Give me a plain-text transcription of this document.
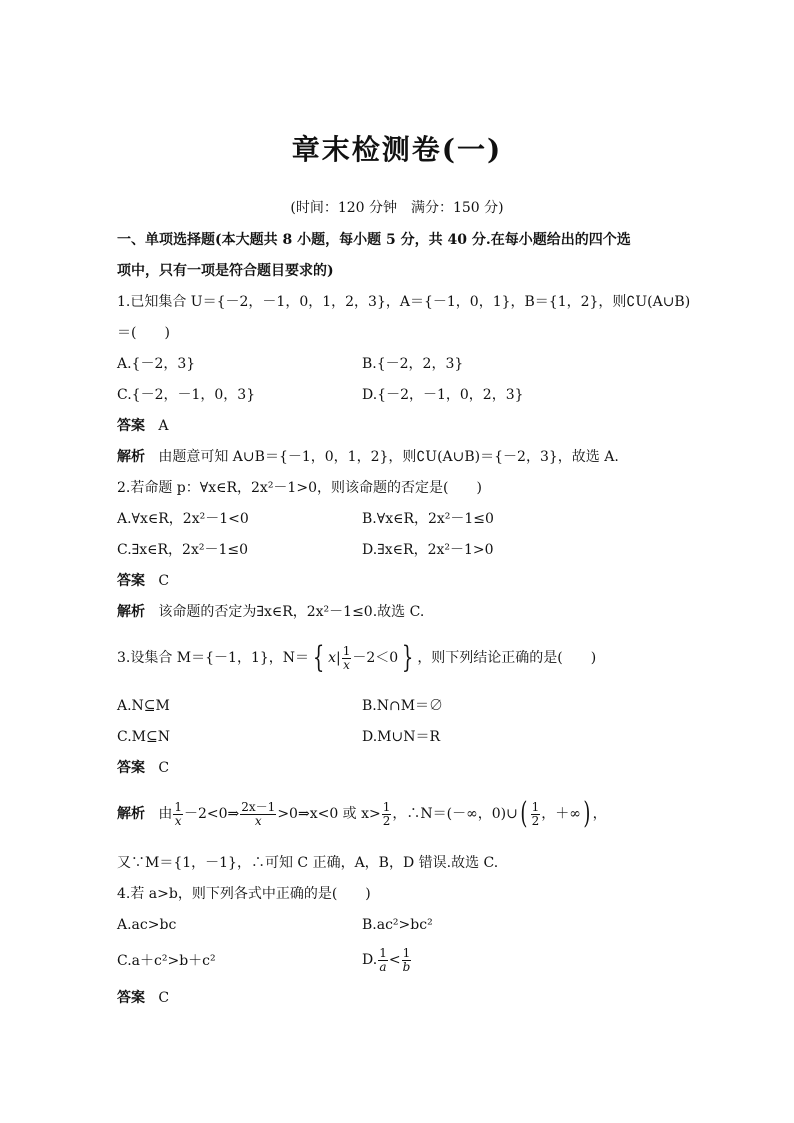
章末检测卷(一)
(时间：120 分钟　满分：150 分)
一、单项选择题(本大题共 8 小题，每小题 5 分，共 40 分.在每小题给出的四个选
项中，只有一项是符合题目要求的)
1.已知集合 U＝{－2，－1，0，1，2，3}，A＝{－1，0，1}，B＝{1，2}，则∁U(A∪B)
＝(　　)
A.{－2，3}	B.{－2，2，3}
C.{－2，－1，0，3}	D.{－2，－1，0，2，3}
答案 A
解析 由题意可知 A∪B＝{－1，0，1，2}，则∁U(A∪B)＝{－2，3}，故选 A.
2.若命题 p：∀x∈R，2x²－1>0，则该命题的否定是(　　)
A.∀x∈R，2x²－1<0	B.∀x∈R，2x²－1≤0
C.∃x∈R，2x²－1≤0	D.∃x∈R，2x²－1>0
答案 C
解析 该命题的否定为∃x∈R，2x²－1≤0.故选 C.
3.设集合 M＝{－1，1}，N＝ { $x| \frac{1}{x} -2<0$ } ，则下列结论正确的是(　　)
A.N⊆M	B.N∩M＝∅
C.M⊆N	D.M∪N＝R
答案 C
解析 由 $\frac{1}{x}$ －2<0⇒ $\frac{2x-1}{x}$ >0⇒x<0 或 $x> \frac{1}{2}$ ，∴N＝(－∞，0)∪( $\frac{1}{2}$ ，＋∞) ，
又∵M＝{1，－1}，∴可知 C 正确，A，B，D 错误.故选 C.
4.若 a>b，则下列各式中正确的是(　　)
A.ac>bc	B.ac²>bc²
C.a＋c²>b＋c²	D. $\frac{1}{a} < \frac{1}{b}$
答案 C
